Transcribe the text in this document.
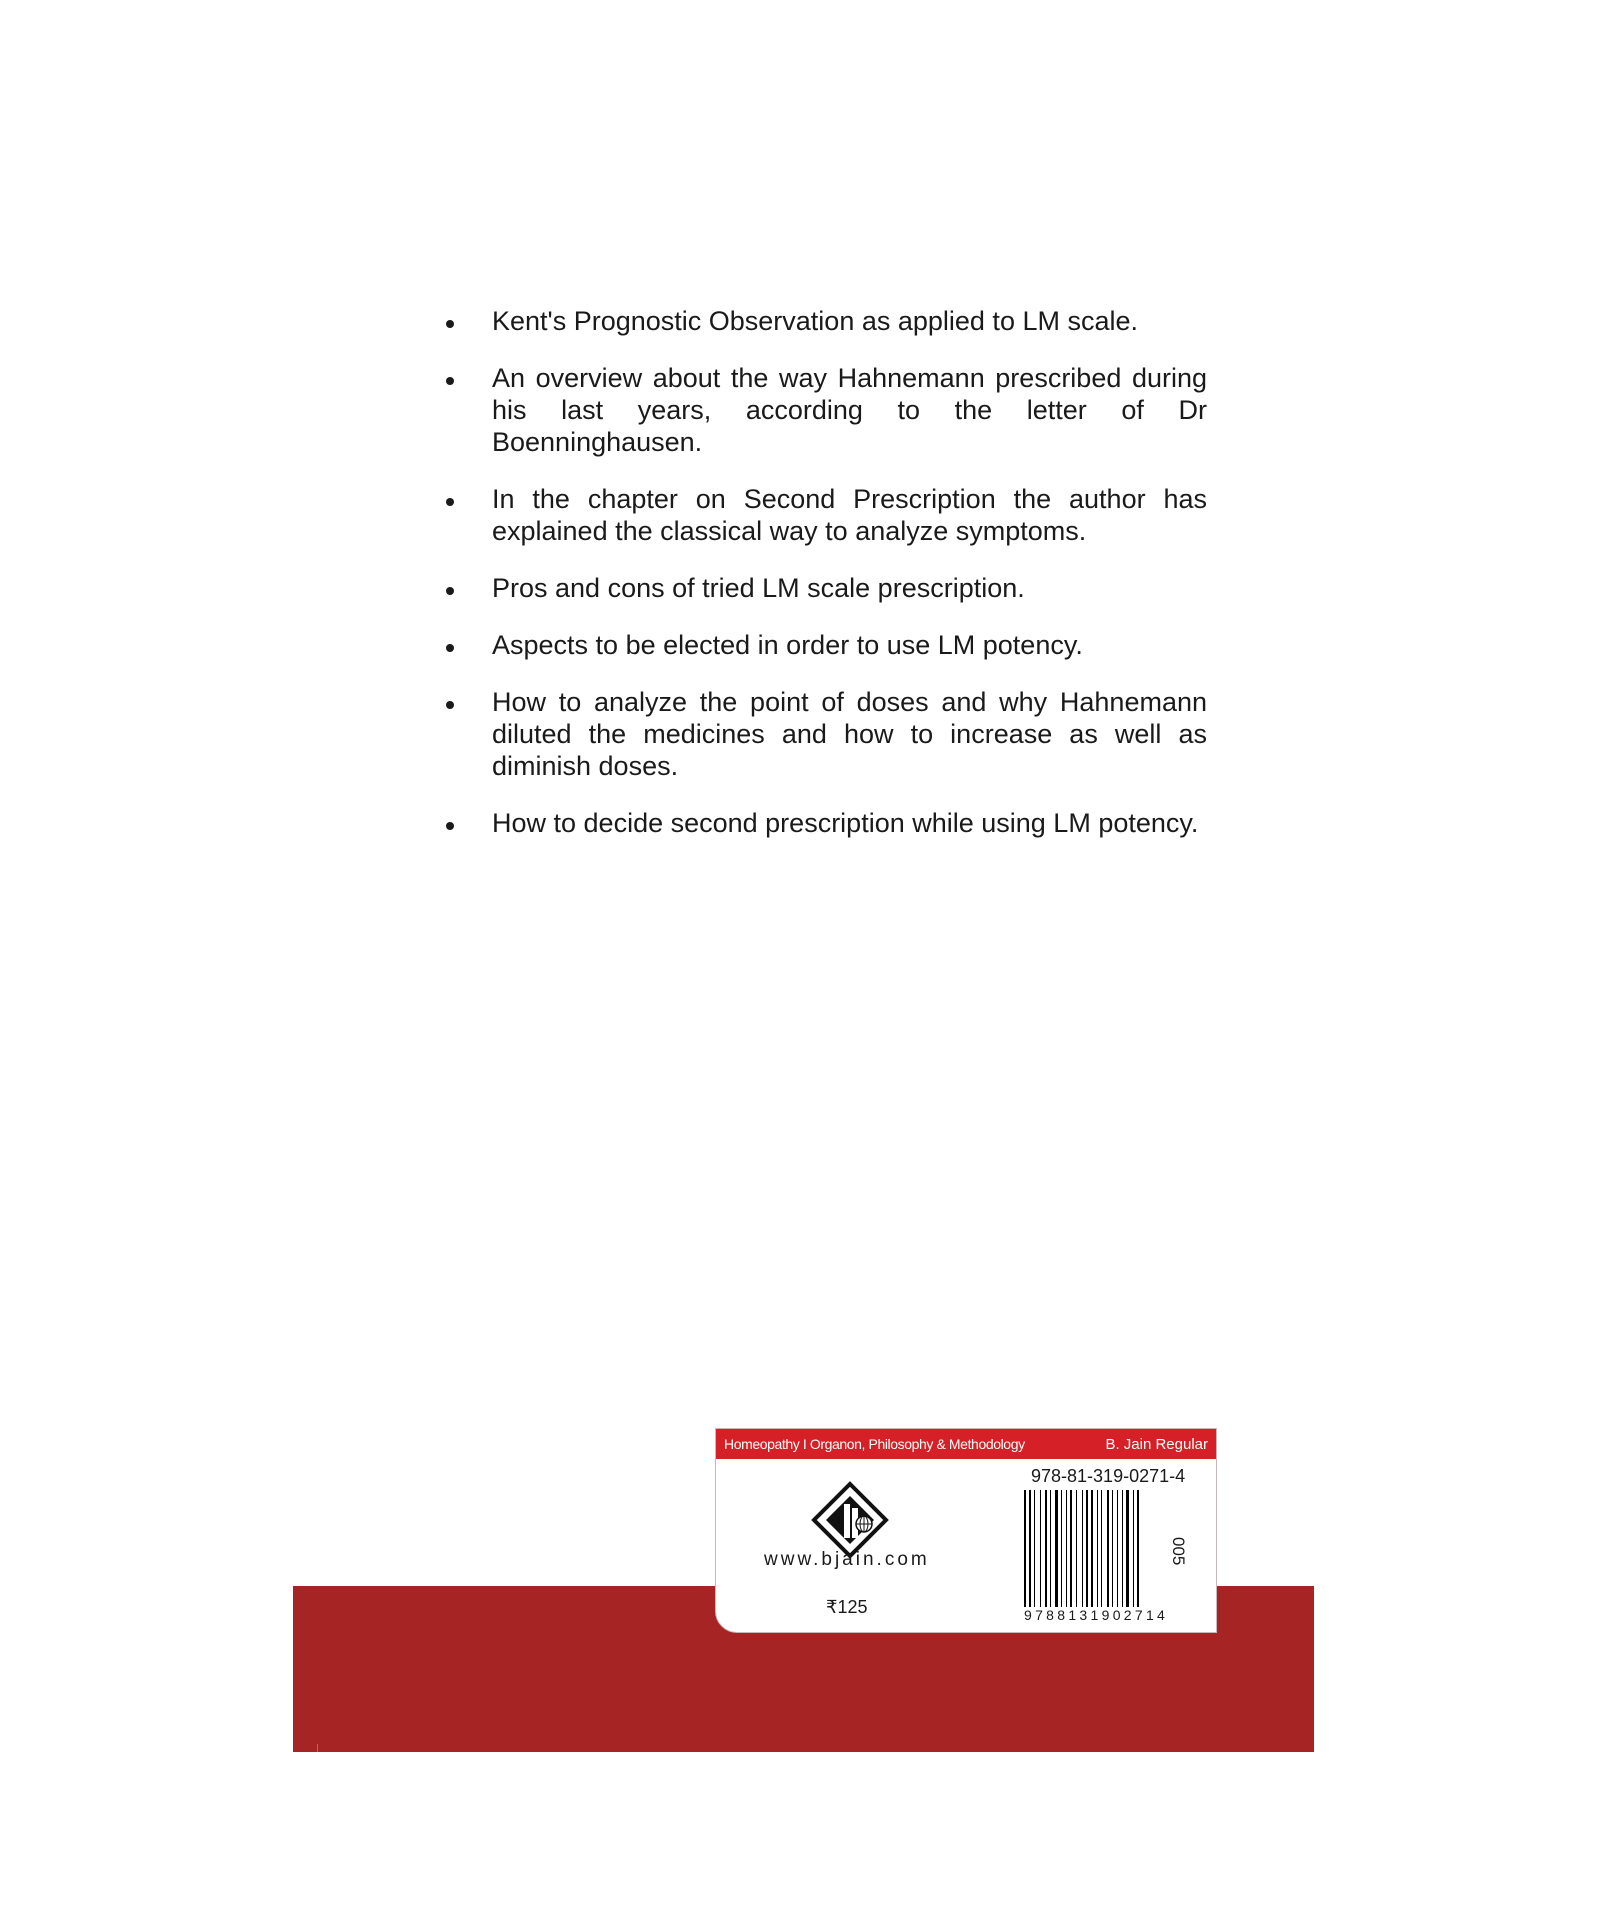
Kent's Prognostic Observation as applied to LM scale.
An overview about the way Hahnemann prescribed during his last years, according to the letter of Dr Boenninghausen.
In the chapter on Second Prescription the author has explained the classical way to analyze symptoms.
Pros and cons of tried LM scale prescription.
Aspects to be elected in order to use LM potency.
How to analyze the point of doses and why Hahnemann diluted the medicines and how to increase as well as diminish doses.
How to decide second prescription while using LM potency.
Homeopathy I Organon, Philosophy & Methodology	B. Jain Regular
www.bjain.com
₹125
978-81-319-0271-4
9788131902714
005
